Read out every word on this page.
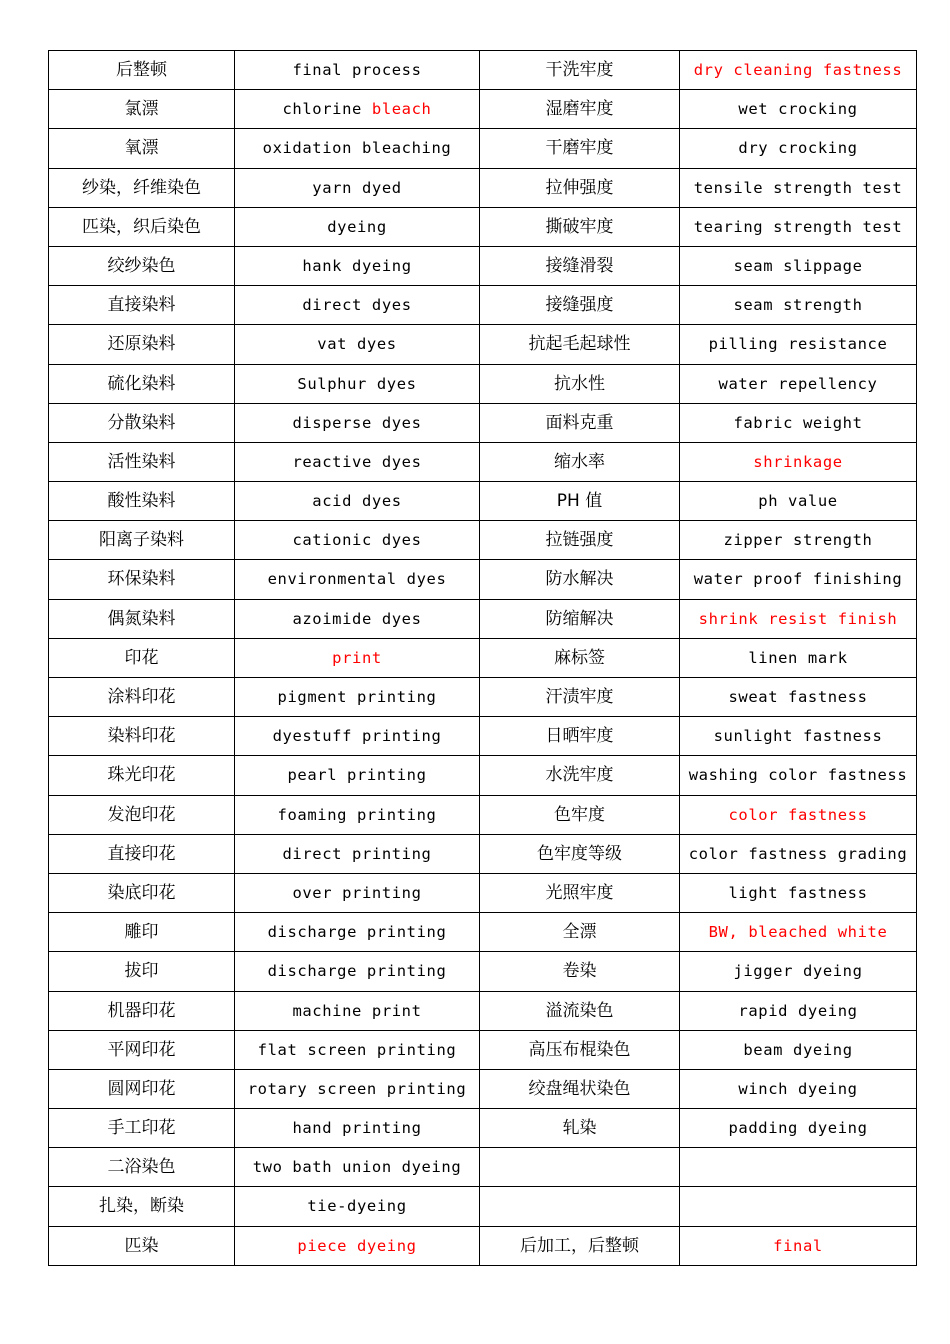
后整顿	final process	干洗牢度	dry cleaning fastness
氯漂	chlorine bleach	湿磨牢度	wet crocking
氧漂	oxidation bleaching	干磨牢度	dry crocking
纱染，纤维染色	yarn dyed	拉伸强度	tensile strength test
匹染，织后染色	dyeing	撕破牢度	tearing strength test
绞纱染色	hank dyeing	接缝滑裂	seam slippage
直接染料	direct dyes	接缝强度	seam strength
还原染料	vat dyes	抗起毛起球性	pilling resistance
硫化染料	Sulphur dyes	抗水性	water repellency
分散染料	disperse dyes	面料克重	fabric weight
活性染料	reactive dyes	缩水率	shrinkage
酸性染料	acid dyes	PH 值	ph value
阳离子染料	cationic dyes	拉链强度	zipper strength
环保染料	environmental dyes	防水解决	water proof finishing
偶氮染料	azoimide dyes	防缩解决	shrink resist finish
印花	print	麻标签	linen mark
涂料印花	pigment printing	汗渍牢度	sweat fastness
染料印花	dyestuff printing	日晒牢度	sunlight fastness
珠光印花	pearl printing	水洗牢度	washing color fastness
发泡印花	foaming printing	色牢度	color fastness
直接印花	direct printing	色牢度等级	color fastness grading
染底印花	over printing	光照牢度	light fastness
雕印	discharge printing	全漂	BW, bleached white
拔印	discharge printing	卷染	jigger dyeing
机器印花	machine print	溢流染色	rapid dyeing
平网印花	flat screen printing	高压布棍染色	beam dyeing
圆网印花	rotary screen printing	绞盘绳状染色	winch dyeing
手工印花	hand printing	轧染	padding dyeing
二浴染色	two bath union dyeing		
扎染，断染	tie-dyeing		
匹染	piece dyeing	后加工，后整顿	final
